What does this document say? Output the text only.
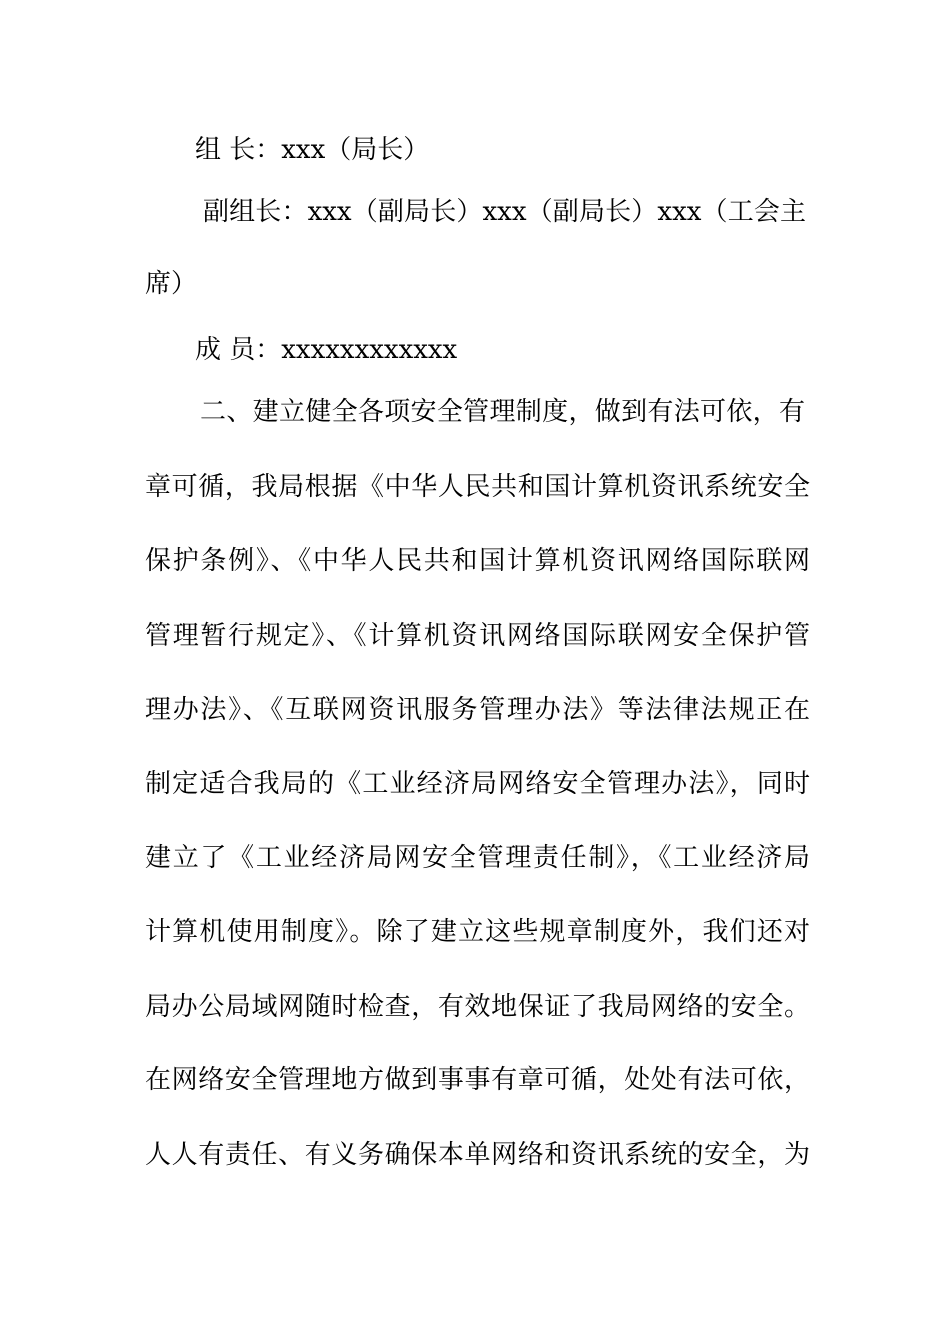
组 长：xxx（局长）
副组长：xxx（副局长）xxx（副局长）xxx（工会主
席）
成 员：xxxxxxxxxxxx
二、建立健全各项安全管理制度，做到有法可依，有
章可循，我局根据《中华人民共和国计算机资讯系统安全
保护条例》、《中华人民共和国计算机资讯网络国际联网
管理暂行规定》、《计算机资讯网络国际联网安全保护管
理办法》、《互联网资讯服务管理办法》等法律法规正在
制定适合我局的《工业经济局网络安全管理办法》，同时
建立了《工业经济局网安全管理责任制》，《工业经济局
计算机使用制度》。除了建立这些规章制度外，我们还对
局办公局域网随时检查，有效地保证了我局网络的安全。
在网络安全管理地方做到事事有章可循，处处有法可依，
人人有责任、有义务确保本单网络和资讯系统的安全，为
